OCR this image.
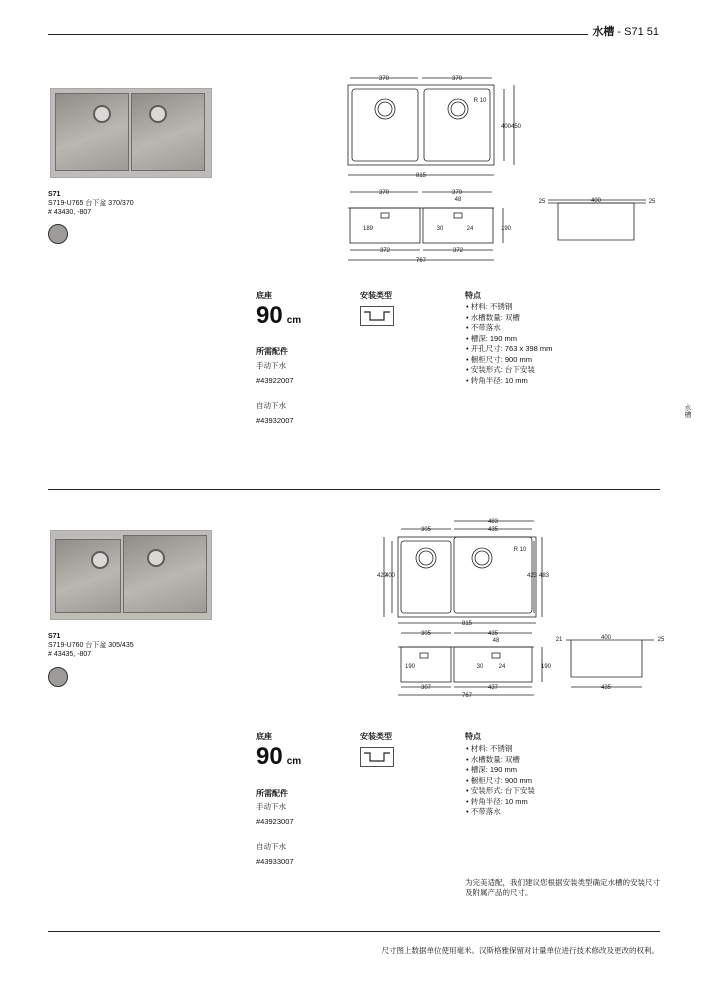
水槽 - S71 51
水槽
S71
S719-U765 台下盆 370/370
# 43430, -807
370	370
R 10
400 450
815
370	370
48
189	30	24	190
372	372
767
25	400	25
底座
90 cm
所需配件
手动下水
#43922007
自动下水
#43932007
安装类型	特点
• 材料: 不锈钢
• 水槽数量: 双槽
• 不带落水
• 槽深: 190 mm
• 开孔尺寸: 763 x 398 mm
• 橱柜尺寸: 900 mm
• 安装形式: 台下安装
• 转角半径: 10 mm
S71
S719-U760 台下盆 305/435
# 43435, -807
483
305	435
R 10
420
400	423 483
815
305	435
48
190	30	24	190
307	437
767
21	400	25
435
底座
90 cm
所需配件
手动下水
#43923007
自动下水
#43933007
安装类型	特点
• 材料: 不锈钢
• 水槽数量: 双槽
• 槽深: 190 mm
• 橱柜尺寸: 900 mm
• 安装形式: 台下安装
• 转角半径: 10 mm
• 不带落水
为完美适配，我们建议您根据安装类型确定水槽的安装尺寸及附属产品的尺寸。
尺寸图上数据单位使用毫米。汉斯格雅保留对计量单位进行技术修改及更改的权利。
